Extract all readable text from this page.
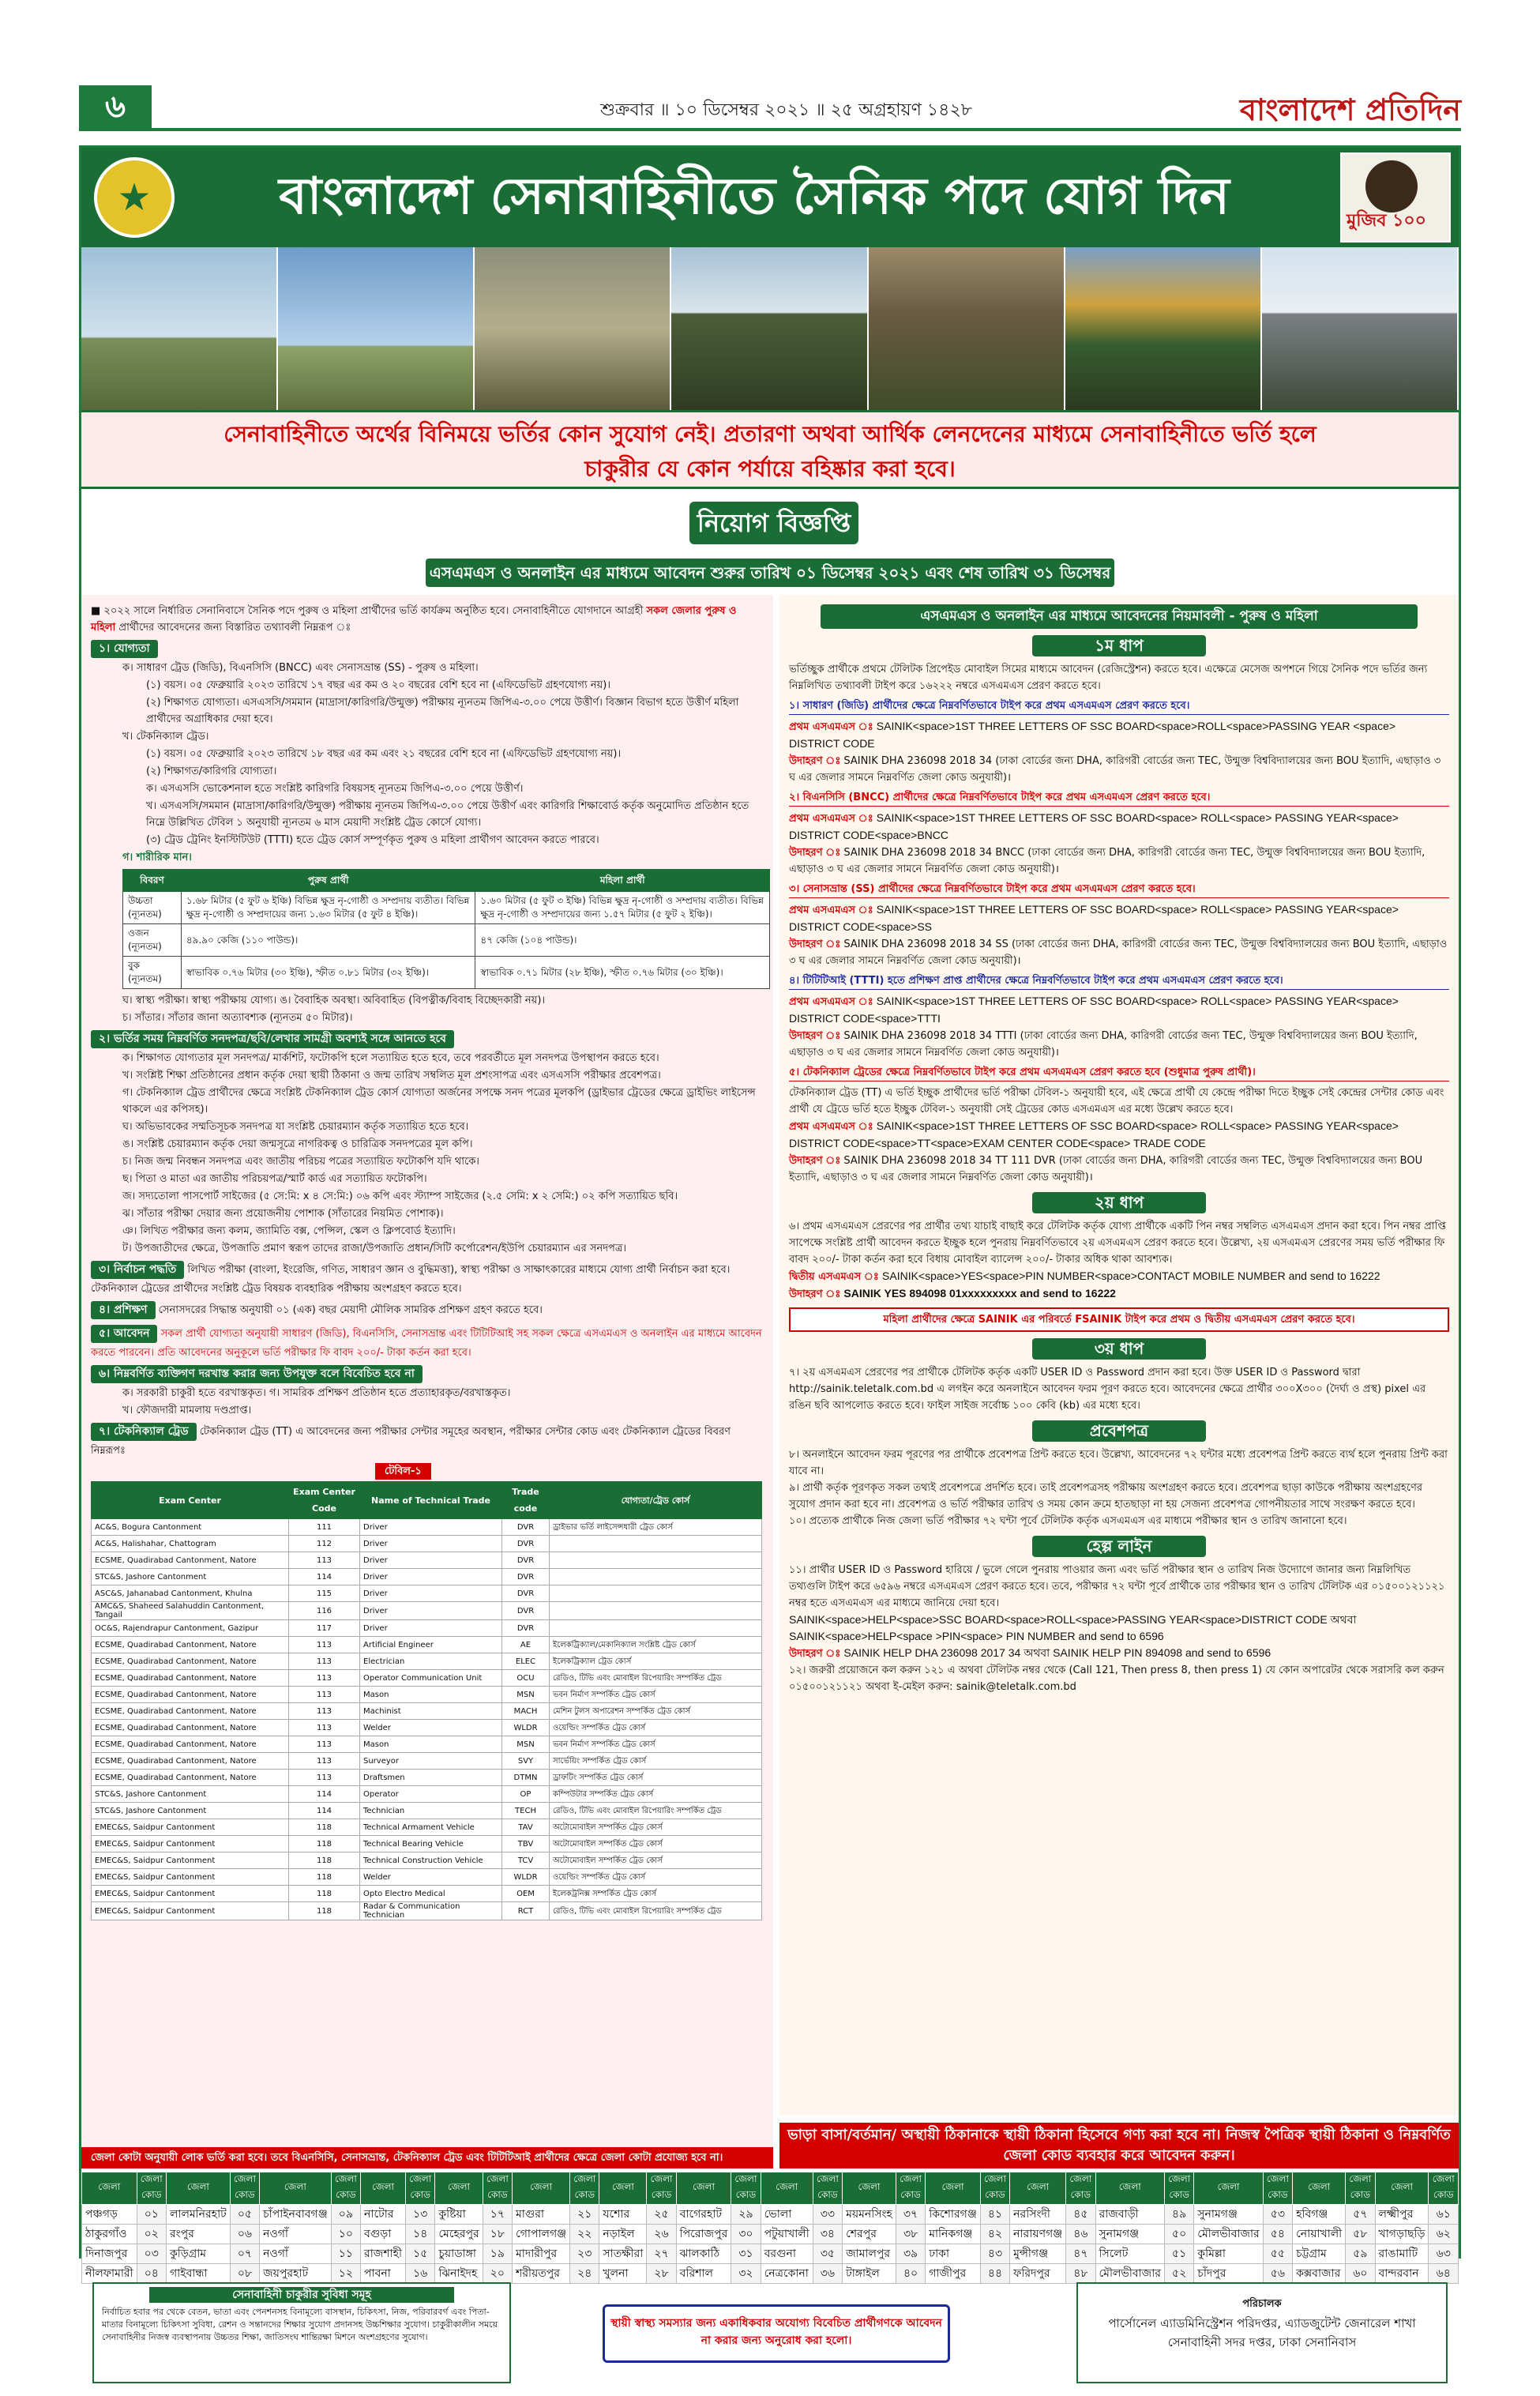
৬	শুক্রবার ॥ ১০ ডিসেম্বর ২০২১ ॥ ২৫ অগ্রহায়ণ ১৪২৮	বাংলাদেশ প্রতিদিন
★	বাংলাদেশ সেনাবাহিনীতে সৈনিক পদে যোগ দিন	মুজিব ১০০
সেনাবাহিনীতে অর্থের বিনিময়ে ভর্তির কোন সুযোগ নেই। প্রতারণা অথবা আর্থিক লেনদেনের মাধ্যমে সেনাবাহিনীতে ভর্তি হলে
চাকুরীর যে কোন পর্যায়ে বহিষ্কার করা হবে।
নিয়োগ বিজ্ঞপ্তি
এসএমএস ও অনলাইন এর মাধ্যমে আবেদন শুরুর তারিখ ০১ ডিসেম্বর ২০২১ এবং শেষ তারিখ ৩১ ডিসেম্বর

■ ২০২২ সালে নির্ধারিত সেনানিবাসে সৈনিক পদে পুরুষ ও মহিলা প্রার্থীদের ভর্তি কার্যক্রম অনুষ্ঠিত হবে। সেনাবাহিনীতে যোগদানে আগ্রহী সকল জেলার পুরুষ ও মহিলা প্রার্থীদের আবেদনের জন্য বিস্তারিত তথ্যাবলী নিম্নরূপ ঃ

১। যোগ্যতা

ক। সাধারণ ট্রেড (জিডি), বিএনসিসি (BNCC) এবং সেনাসভ্রান্ত (SS) - পুরুষ ও মহিলা।

(১) বয়স। ০৫ ফেব্রুয়ারি ২০২৩ তারিখে ১৭ বছর এর কম ও ২০ বছরের বেশি হবে না (এফিডেভিট গ্রহণযোগ্য নয়)।

(২) শিক্ষাগত যোগ্যতা। এসএসসি/সমমান (মাদ্রাসা/কারিগরি/উন্মুক্ত) পরীক্ষায় ন্যূনতম জিপিএ-৩.০০ পেয়ে উত্তীর্ণ। বিজ্ঞান বিভাগ হতে উত্তীর্ণ মহিলা প্রার্থীদের অগ্রাধিকার দেয়া হবে।

খ। টেকনিক্যাল ট্রেড।

(১) বয়স। ০৫ ফেব্রুয়ারি ২০২৩ তারিখে ১৮ বছর এর কম এবং ২১ বছরের বেশি হবে না (এফিডেভিট গ্রহণযোগ্য নয়)।

(২) শিক্ষাগত/কারিগরি যোগ্যতা।

ক। এসএসসি ভোকেশনাল হতে সংশ্লিষ্ট কারিগরি বিষয়সহ ন্যূনতম জিপিএ-৩.০০ পেয়ে উত্তীর্ণ।

খ। এসএসসি/সমমান (মাদ্রাসা/কারিগরি/উন্মুক্ত) পরীক্ষায় ন্যূনতম জিপিএ-৩.০০ পেয়ে উত্তীর্ণ এবং কারিগরি শিক্ষাবোর্ড কর্তৃক অনুমোদিত প্রতিষ্ঠান হতে নিম্নে উল্লিখিত টেবিল ১ অনুযায়ী ন্যূনতম ৬ মাস মেয়াদী সংশ্লিষ্ট ট্রেড কোর্সে যোগ্য।

(৩) ট্রেড ট্রেনিং ইনস্টিটিউট (TTTI) হতে ট্রেড কোর্স সম্পূর্ণকৃত পুরুষ ও মহিলা প্রার্থীগণ আবেদন করতে পারবে।

গ। শারীরিক মান।

বিবরণ	পুরুষ প্রার্থী	মহিলা প্রার্থী
উচ্চতা (ন্যূনতম)	১.৬৮ মিটার (৫ ফুট ৬ ইঞ্চি) বিভিন্ন ক্ষুদ্র নৃ-গোষ্ঠী ও সম্প্রদায় ব্যতীত। বিভিন্ন ক্ষুদ্র নৃ-গোষ্ঠী ও সম্প্রদায়ের জন্য ১.৬৩ মিটার (৫ ফুট ৪ ইঞ্চি)।	১.৬০ মিটার (৫ ফুট ৩ ইঞ্চি) বিভিন্ন ক্ষুদ্র নৃ-গোষ্ঠী ও সম্প্রদায় ব্যতীত। বিভিন্ন ক্ষুদ্র নৃ-গোষ্ঠী ও সম্প্রদায়ের জন্য ১.৫৭ মিটার (৫ ফুট ২ ইঞ্চি)।
ওজন (ন্যূনতম)	৪৯.৯০ কেজি (১১০ পাউন্ড)।	৪৭ কেজি (১০৪ পাউন্ড)।
বুক (ন্যূনতম)	স্বাভাবিক ০.৭৬ মিটার (৩০ ইঞ্চি), স্ফীত ০.৮১ মিটার (৩২ ইঞ্চি)।	স্বাভাবিক ০.৭১ মিটার (২৮ ইঞ্চি), স্ফীত ০.৭৬ মিটার (৩০ ইঞ্চি)।

ঘ। স্বাস্থ্য পরীক্ষা। স্বাস্থ্য পরীক্ষায় যোগ্য। ঙ। বৈবাহিক অবস্থা। অবিবাহিত (বিপত্নীক/বিবাহ বিচ্ছেদকারী নয়)।

চ। সাঁতার। সাঁতার জানা অত্যাবশ্যক (ন্যূনতম ৫০ মিটার)।

২। ভর্তির সময় নিম্নবর্ণিত সনদপত্র/ছবি/লেখার সামগ্রী অবশ্যই সঙ্গে আনতে হবে

ক। শিক্ষাগত যোগ্যতার মূল সনদপত্র/ মার্কশিট, ফটোকপি হলে সত্যায়িত হতে হবে, তবে পরবর্তীতে মূল সনদপত্র উপস্থাপন করতে হবে।

খ। সংশ্লিষ্ট শিক্ষা প্রতিষ্ঠানের প্রধান কর্তৃক দেয়া স্থায়ী ঠিকানা ও জন্ম তারিখ সম্বলিত মূল প্রশংসাপত্র এবং এসএসসি পরীক্ষার প্রবেশপত্র।

গ। টেকনিক্যাল ট্রেড প্রার্থীদের ক্ষেত্রে সংশ্লিষ্ট টেকনিক্যাল ট্রেড কোর্স যোগ্যতা অর্জনের সপক্ষে সনদ পত্রের মূলকপি (ড্রাইভার ট্রেডের ক্ষেত্রে ড্রাইভিং লাইসেন্স থাকলে এর কপিসহ)।

ঘ। অভিভাবকের সম্মতিসূচক সনদপত্র যা সংশ্লিষ্ট চেয়ারম্যান কর্তৃক সত্যায়িত হতে হবে।

ঙ। সংশ্লিষ্ট চেয়ারম্যান কর্তৃক দেয়া জন্মসূত্রে নাগরিকত্ব ও চারিত্রিক সনদপত্রের মূল কপি।

চ। নিজ জন্ম নিবন্ধন সনদপত্র এবং জাতীয় পরিচয় পত্রের সত্যায়িত ফটোকপি যদি থাকে।

ছ। পিতা ও মাতা এর জাতীয় পরিচয়পত্র/স্মার্ট কার্ড এর সত্যায়িত ফটোকপি।

জ। সদ্যতোলা পাসপোর্ট সাইজের (৫ সে:মি: x ৪ সে:মি:) ০৬ কপি এবং স্ট্যাম্প সাইজের (২.৫ সেমি: x ২ সেমি:) ০২ কপি সত্যায়িত ছবি।

ঝ। সাঁতার পরীক্ষা দেয়ার জন্য প্রয়োজনীয় পোশাক (সাঁতারের নিয়মিত পোশাক)।

ঞ। লিখিত পরীক্ষার জন্য কলম, জ্যামিতি বক্স, পেন্সিল, স্কেল ও ক্লিপবোর্ড ইত্যাদি।

ট। উপজাতীদের ক্ষেত্রে, উপজাতি প্রমাণ স্বরূপ তাদের রাজা/উপজাতি প্রধান/সিটি কর্পোরেশন/ইউপি চেয়ারম্যান এর সনদপত্র।

৩। নির্বাচন পদ্ধতি লিখিত পরীক্ষা (বাংলা, ইংরেজি, গণিত, সাধারণ জ্ঞান ও বুদ্ধিমত্তা), স্বাস্থ্য পরীক্ষা ও সাক্ষাৎকারের মাধ্যমে যোগ্য প্রার্থী নির্বাচন করা হবে। টেকনিক্যাল ট্রেডের প্রার্থীদের সংশ্লিষ্ট ট্রেড বিষয়ক ব্যবহারিক পরীক্ষায় অংশগ্রহণ করতে হবে।

৪। প্রশিক্ষণ সেনাসদরের সিদ্ধান্ত অনুযায়ী ০১ (এক) বছর মেয়াদী মৌলিক সামরিক প্রশিক্ষণ গ্রহণ করতে হবে।

৫। আবেদন সকল প্রার্থী যোগ্যতা অনুযায়ী সাধারণ (জিডি), বিএনসিসি, সেনাসভ্রান্ত এবং টিটিটিআই সহ সকল ক্ষেত্রে এসএমএস ও অনলাইন এর মাধ্যমে আবেদন করতে পারবেন। প্রতি আবেদনের অনুকূলে ভর্তি পরীক্ষার ফি বাবদ ২০০/- টাকা কর্তন করা হবে।

৬। নিম্নবর্ণিত ব্যক্তিগণ দরখাস্ত করার জন্য উপযুক্ত বলে বিবেচিত হবে না

ক। সরকারী চাকুরী হতে বরখাস্তকৃত। গ। সামরিক প্রশিক্ষণ প্রতিষ্ঠান হতে প্রত্যাহারকৃত/বরখাস্তকৃত।

খ। ফৌজদারী মামলায় দণ্ডপ্রাপ্ত।

৭। টেকনিক্যাল ট্রেড টেকনিক্যাল ট্রেড (TT) এ আবেদনের জন্য পরীক্ষার সেন্টার সমূহের অবস্থান, পরীক্ষার সেন্টার কোড এবং টেকনিক্যাল ট্রেডের বিবরণ নিম্নরূপঃ

টেবিল-১
Exam Center	Exam Center Code	Name of Technical Trade	Trade code	যোগ্যতা/ট্রেড কোর্স
AC&S, Bogura Cantonment	111	Driver	DVR	ড্রাইভার ভর্তি লাইসেন্সধারী ট্রেড কোর্স
AC&S, Halishahar, Chattogram	112	Driver	DVR	
ECSME, Quadirabad Cantonment, Natore	113	Driver	DVR	
STC&S, Jashore Cantonment	114	Driver	DVR	
ASC&S, Jahanabad Cantonment, Khulna	115	Driver	DVR	
AMC&S, Shaheed Salahuddin Cantonment, Tangail	116	Driver	DVR	
OC&S, Rajendrapur Cantonment, Gazipur	117	Driver	DVR	
ECSME, Quadirabad Cantonment, Natore	113	Artificial Engineer	AE	ইলেকট্রিক্যাল/মেকানিক্যাল সংশ্লিষ্ট ট্রেড কোর্স
ECSME, Quadirabad Cantonment, Natore	113	Electrician	ELEC	ইলেকট্রিক্যাল ট্রেড কোর্স
ECSME, Quadirabad Cantonment, Natore	113	Operator Communication Unit	OCU	রেডিও, টিভি এবং মোবাইল রিপেয়ারিং সম্পর্কিত ট্রেড
ECSME, Quadirabad Cantonment, Natore	113	Mason	MSN	ভবন নির্মাণ সম্পর্কিত ট্রেড কোর্স
ECSME, Quadirabad Cantonment, Natore	113	Machinist	MACH	মেশিন টুলস অপারেশন সম্পর্কিত ট্রেড কোর্স
ECSME, Quadirabad Cantonment, Natore	113	Welder	WLDR	ওয়েল্ডিং সম্পর্কিত ট্রেড কোর্স
ECSME, Quadirabad Cantonment, Natore	113	Mason	MSN	ভবন নির্মাণ সম্পর্কিত ট্রেড কোর্স
ECSME, Quadirabad Cantonment, Natore	113	Surveyor	SVY	সার্ভেয়িং সম্পর্কিত ট্রেড কোর্স
ECSME, Quadirabad Cantonment, Natore	113	Draftsmen	DTMN	ড্রাফটিং সম্পর্কিত ট্রেড কোর্স
STC&S, Jashore Cantonment	114	Operator	OP	কম্পিউটার সম্পর্কিত ট্রেড কোর্স
STC&S, Jashore Cantonment	114	Technician	TECH	রেডিও, টিভি এবং মোবাইল রিপেয়ারিং সম্পর্কিত ট্রেড
EMEC&S, Saidpur Cantonment	118	Technical Armament Vehicle	TAV	অটোমোবাইল সম্পর্কিত ট্রেড কোর্স
EMEC&S, Saidpur Cantonment	118	Technical Bearing Vehicle	TBV	অটোমোবাইল সম্পর্কিত ট্রেড কোর্স
EMEC&S, Saidpur Cantonment	118	Technical Construction Vehicle	TCV	অটোমোবাইল সম্পর্কিত ট্রেড কোর্স
EMEC&S, Saidpur Cantonment	118	Welder	WLDR	ওয়েল্ডিং সম্পর্কিত ট্রেড কোর্স
EMEC&S, Saidpur Cantonment	118	Opto Electro Medical	OEM	ইলেকট্রনিক্স সম্পর্কিত ট্রেড কোর্স
EMEC&S, Saidpur Cantonment	118	Radar & Communication Technician	RCT	রেডিও, টিভি এবং মোবাইল রিপেয়ারিং সম্পর্কিত ট্রেড
জেলা কোটা অনুযায়ী লোক ভর্তি করা হবে। তবে বিএনসিসি, সেনাসভ্রান্ত, টেকনিক্যাল ট্রেড এবং টিটিটিআই প্রার্থীদের ক্ষেত্রে জেলা কোটা প্রযোজ্য হবে না।
এসএমএস ও অনলাইন এর মাধ্যমে আবেদনের নিয়মাবলী - পুরুষ ও মহিলা
১ম ধাপ

ভর্তিচ্ছুক প্রার্থীকে প্রথমে টেলিটক প্রিপেইড মোবাইল সিমের মাধ্যমে আবেদন (রেজিস্ট্রেশন) করতে হবে। এক্ষেত্রে মেসেজ অপশনে গিয়ে সৈনিক পদে ভর্তির জন্য নিম্নলিখিত তথ্যাবলী টাইপ করে ১৬২২২ নম্বরে এসএমএস প্রেরণ করতে হবে।

১। সাধারণ (জিডি) প্রার্থীদের ক্ষেত্রে নিম্নবর্ণিতভাবে টাইপ করে প্রথম এসএমএস প্রেরণ করতে হবে।

প্রথম এসএমএস ঃ SAINIK<space>1ST THREE LETTERS OF SSC BOARD<space>ROLL<space>PASSING YEAR <space> DISTRICT CODE

উদাহরণ ঃ SAINIK DHA 236098 2018 34 (ঢাকা বোর্ডের জন্য DHA, কারিগরী বোর্ডের জন্য TEC, উন্মুক্ত বিশ্ববিদ্যালয়ের জন্য BOU ইত্যাদি, এছাড়াও ৩ ঘ এর জেলার সামনে নিম্নবর্ণিত জেলা কোড অনুযায়ী)।

২। বিএনসিসি (BNCC) প্রার্থীদের ক্ষেত্রে নিম্নবর্ণিতভাবে টাইপ করে প্রথম এসএমএস প্রেরণ করতে হবে।

প্রথম এসএমএস ঃ SAINIK<space>1ST THREE LETTERS OF SSC BOARD<space> ROLL<space> PASSING YEAR<space> DISTRICT CODE<space>BNCC

উদাহরণ ঃ SAINIK DHA 236098 2018 34 BNCC (ঢাকা বোর্ডের জন্য DHA, কারিগরী বোর্ডের জন্য TEC, উন্মুক্ত বিশ্ববিদ্যালয়ের জন্য BOU ইত্যাদি, এছাড়াও ৩ ঘ এর জেলার সামনে নিম্নবর্ণিত জেলা কোড অনুযায়ী)।

৩। সেনাসভ্রান্ত (SS) প্রার্থীদের ক্ষেত্রে নিম্নবর্ণিতভাবে টাইপ করে প্রথম এসএমএস প্রেরণ করতে হবে।

প্রথম এসএমএস ঃ SAINIK<space>1ST THREE LETTERS OF SSC BOARD<space> ROLL<space> PASSING YEAR<space> DISTRICT CODE<space>SS

উদাহরণ ঃ SAINIK DHA 236098 2018 34 SS (ঢাকা বোর্ডের জন্য DHA, কারিগরী বোর্ডের জন্য TEC, উন্মুক্ত বিশ্ববিদ্যালয়ের জন্য BOU ইত্যাদি, এছাড়াও ৩ ঘ এর জেলার সামনে নিম্নবর্ণিত জেলা কোড অনুযায়ী)।

৪। টিটিটিআই (TTTI) হতে প্রশিক্ষণ প্রাপ্ত প্রার্থীদের ক্ষেত্রে নিম্নবর্ণিতভাবে টাইপ করে প্রথম এসএমএস প্রেরণ করতে হবে।

প্রথম এসএমএস ঃ SAINIK<space>1ST THREE LETTERS OF SSC BOARD<space> ROLL<space> PASSING YEAR<space> DISTRICT CODE<space>TTTI

উদাহরণ ঃ SAINIK DHA 236098 2018 34 TTTI (ঢাকা বোর্ডের জন্য DHA, কারিগরী বোর্ডের জন্য TEC, উন্মুক্ত বিশ্ববিদ্যালয়ের জন্য BOU ইত্যাদি, এছাড়াও ৩ ঘ এর জেলার সামনে নিম্নবর্ণিত জেলা কোড অনুযায়ী)।

৫। টেকনিক্যাল ট্রেডের ক্ষেত্রে নিম্নবর্ণিতভাবে টাইপ করে প্রথম এসএমএস প্রেরণ করতে হবে (শুধুমাত্র পুরুষ প্রার্থী)।

টেকনিক্যাল ট্রেড (TT) এ ভর্তি ইচ্ছুক প্রার্থীদের ভর্তি পরীক্ষা টেবিল-১ অনুযায়ী হবে, এই ক্ষেত্রে প্রার্থী যে কেন্দ্রে পরীক্ষা দিতে ইচ্ছুক সেই কেন্দ্রের সেন্টার কোড এবং প্রার্থী যে ট্রেডে ভর্তি হতে ইচ্ছুক টেবিল-১ অনুযায়ী সেই ট্রেডের কোড এসএমএস এর মধ্যে উল্লেখ করতে হবে।

প্রথম এসএমএস ঃ SAINIK<space>1ST THREE LETTERS OF SSC BOARD<space> ROLL<space> PASSING YEAR<space> DISTRICT CODE<space>TT<space>EXAM CENTER CODE<space> TRADE CODE

উদাহরণ ঃ SAINIK DHA 236098 2018 34 TT 111 DVR (ঢাকা বোর্ডের জন্য DHA, কারিগরী বোর্ডের জন্য TEC, উন্মুক্ত বিশ্ববিদ্যালয়ের জন্য BOU ইত্যাদি, এছাড়াও ৩ ঘ এর জেলার সামনে নিম্নবর্ণিত জেলা কোড অনুযায়ী)।

২য় ধাপ

৬। প্রথম এসএমএস প্রেরণের পর প্রার্থীর তথ্য যাচাই বাছাই করে টেলিটক কর্তৃক যোগ্য প্রার্থীকে একটি পিন নম্বর সম্বলিত এসএমএস প্রদান করা হবে। পিন নম্বর প্রাপ্তি সাপেক্ষে সংশ্লিষ্ট প্রার্থী আবেদন করতে ইচ্ছুক হলে পুনরায় নিম্নবর্ণিতভাবে ২য় এসএমএস প্রেরণ করতে হবে। উল্লেখ্য, ২য় এসএমএস প্রেরণের সময় ভর্তি পরীক্ষার ফি বাবদ ২০০/- টাকা কর্তন করা হবে বিধায় মোবাইল ব্যালেন্স ২০০/- টাকার অধিক থাকা আবশ্যক।

দ্বিতীয় এসএমএস ঃ SAINIK<space>YES<space>PIN NUMBER<space>CONTACT MOBILE NUMBER and send to 16222

উদাহরণ ঃ SAINIK YES 894098 01xxxxxxxxx and send to 16222

মহিলা প্রার্থীদের ক্ষেত্রে SAINIK এর পরিবর্তে FSAINIK টাইপ করে প্রথম ও দ্বিতীয় এসএমএস প্রেরণ করতে হবে।
৩য় ধাপ

৭। ২য় এসএমএস প্রেরণের পর প্রার্থীকে টেলিটক কর্তৃক একটি USER ID ও Password প্রদান করা হবে। উক্ত USER ID ও Password দ্বারা http://sainik.teletalk.com.bd এ লগইন করে অনলাইনে আবেদন ফরম পূরণ করতে হবে। আবেদনের ক্ষেত্রে প্রার্থীর ৩০০X৩০০ (দৈর্ঘ্য ও প্রস্থ) pixel এর রঙিন ছবি আপলোড করতে হবে। ফাইল সাইজ সর্বোচ্চ ১০০ কেবি (kb) এর মধ্যে হবে।

প্রবেশপত্র

৮। অনলাইনে আবেদন ফরম পূরণের পর প্রার্থীকে প্রবেশপত্র প্রিন্ট করতে হবে। উল্লেখ্য, আবেদনের ৭২ ঘন্টার মধ্যে প্রবেশপত্র প্রিন্ট করতে ব্যর্থ হলে পুনরায় প্রিন্ট করা যাবে না।

৯। প্রার্থী কর্তৃক পূরণকৃত সকল তথ্যই প্রবেশপত্রে প্রদর্শিত হবে। তাই প্রবেশপত্রসহ পরীক্ষায় অংশগ্রহণ করতে হবে। প্রবেশপত্র ছাড়া কাউকে পরীক্ষায় অংশগ্রহণের সুযোগ প্রদান করা হবে না। প্রবেশপত্র ও ভর্তি পরীক্ষার তারিখ ও সময় কোন ক্রমে হাতছাড়া না হয় সেজন্য প্রবেশপত্র গোপনীয়তার সাথে সংরক্ষণ করতে হবে।

১০। প্রত্যেক প্রার্থীকে নিজ জেলা ভর্তি পরীক্ষার ৭২ ঘন্টা পূর্বে টেলিটক কর্তৃক এসএমএস এর মাধ্যমে পরীক্ষার স্থান ও তারিখ জানানো হবে।

হেল্প লাইন

১১। প্রার্থীর USER ID ও Password হারিয়ে / ভুলে গেলে পুনরায় পাওয়ার জন্য এবং ভর্তি পরীক্ষার স্থান ও তারিখ নিজ উদ্যোগে জানার জন্য নিম্নলিখিত তথ্যগুলি টাইপ করে ৬৫৯৬ নম্বরে এসএমএস প্রেরণ করতে হবে। তবে, পরীক্ষার ৭২ ঘন্টা পূর্বে প্রার্থীকে তার পরীক্ষার স্থান ও তারিখ টেলিটক এর ০১৫০০১২১১২১ নম্বর হতে এসএমএস এর মাধ্যমে জানিয়ে দেয়া হবে।

SAINIK<space>HELP<space>SSC BOARD<space>ROLL<space>PASSING YEAR<space>DISTRICT CODE অথবা SAINIK<space>HELP<space >PIN<space> PIN NUMBER and send to 6596

উদাহরণ ঃ SAINIK HELP DHA 236098 2017 34 অথবা SAINIK HELP PIN 894098 and send to 6596

১২। জরুরী প্রয়োজনে কল করুন ১২১ এ অথবা টেলিটক নম্বর থেকে (Call 121, Then press 8, then press 1) যে কোন অপারেটর থেকে সরাসরি কল করুন ০১৫০০১২১১২১ অথবা ই-মেইল করুন: sainik@teletalk.com.bd

ভাড়া বাসা/বর্তমান/ অস্থায়ী ঠিকানাকে স্থায়ী ঠিকানা হিসেবে গণ্য করা হবে না। নিজস্ব পৈত্রিক স্থায়ী ঠিকানা ও নিম্নবর্ণিত জেলা কোড ব্যবহার করে আবেদন করুন।
জেলা	জেলা কোড	জেলা	জেলা কোড	জেলা	জেলা কোড	জেলা	জেলা কোড	জেলা	জেলা কোড	জেলা	জেলা কোড	জেলা	জেলা কোড	জেলা	জেলা কোড	জেলা	জেলা কোড	জেলা	জেলা কোড	জেলা	জেলা কোড	জেলা	জেলা কোড	জেলা	জেলা কোড	জেলা	জেলা কোড	জেলা	জেলা কোড	জেলা	জেলা কোড
পঞ্চগড়	০১	লালমনিরহাট	০৫	চাঁপাইনবাবগঞ্জ	০৯	নাটোর	১৩	কুষ্টিয়া	১৭	মাগুরা	২১	যশোর	২৫	বাগেরহাট	২৯	ভোলা	৩৩	ময়মনসিংহ	৩৭	কিশোরগঞ্জ	৪১	নরসিংদী	৪৫	রাজবাড়ী	৪৯	সুনামগঞ্জ	৫৩	হবিগঞ্জ	৫৭	লক্ষ্মীপুর	৬১
ঠাকুরগাঁও	০২	রংপুর	০৬	নওগাঁ	১০	বগুড়া	১৪	মেহেরপুর	১৮	গোপালগঞ্জ	২২	নড়াইল	২৬	পিরোজপুর	৩০	পটুয়াখালী	৩৪	শেরপুর	৩৮	মানিকগঞ্জ	৪২	নারায়ণগঞ্জ	৪৬	সুনামগঞ্জ	৫০	মৌলভীবাজার	৫৪	নোয়াখালী	৫৮	খাগড়াছড়ি	৬২
দিনাজপুর	০৩	কুড়িগ্রাম	০৭	নওগাঁ	১১	রাজশাহী	১৫	চুয়াডাঙ্গা	১৯	মাদারীপুর	২৩	সাতক্ষীরা	২৭	ঝালকাঠি	৩১	বরগুনা	৩৫	জামালপুর	৩৯	ঢাকা	৪৩	মুন্সীগঞ্জ	৪৭	সিলেট	৫১	কুমিল্লা	৫৫	চট্টগ্রাম	৫৯	রাঙামাটি	৬৩
নীলফামারী	০৪	গাইবান্ধা	০৮	জয়পুরহাট	১২	পাবনা	১৬	ঝিনাইদহ	২০	শরীয়তপুর	২৪	খুলনা	২৮	বরিশাল	৩২	নেত্রকোনা	৩৬	টাঙ্গাইল	৪০	গাজীপুর	৪৪	ফরিদপুর	৪৮	মৌলভীবাজার	৫২	চাঁদপুর	৫৬	কক্সবাজার	৬০	বান্দরবান	৬৪
সেনাবাহিনী চাকুরীর সুবিধা সমূহ
নির্বাচিত হবার পর থেকে বেতন, ভাতা এবং পেনশনসহ বিনামূল্যে বাসস্থান, চিকিৎসা, নিজ, পরিবারবর্গ এবং পিতা-মাতার বিনামূল্যে চিকিৎসা সুবিধা, রেশন ও সন্তানদের শিক্ষার সুযোগ প্রদানসহ উচ্চশিক্ষার সুযোগ। চাকুরীকালীন সময়ে সেনাবাহিনীর নিজস্ব ব্যবস্থাপনায় উচ্চতর শিক্ষা, জাতিসংঘ শান্তিরক্ষা মিশনে অংশগ্রহণের সুযোগ।
স্থায়ী স্বাস্থ্য সমস্যার জন্য একাধিকবার অযোগ্য বিবেচিত প্রার্থীগণকে আবেদন না করার জন্য অনুরোধ করা হলো।
পরিচালক
পার্সোনেল এ্যাডমিনিস্ট্রেশন পরিদপ্তর, এ্যাডজুটেন্ট জেনারেল শাখা
সেনাবাহিনী সদর দপ্তর, ঢাকা সেনানিবাস
